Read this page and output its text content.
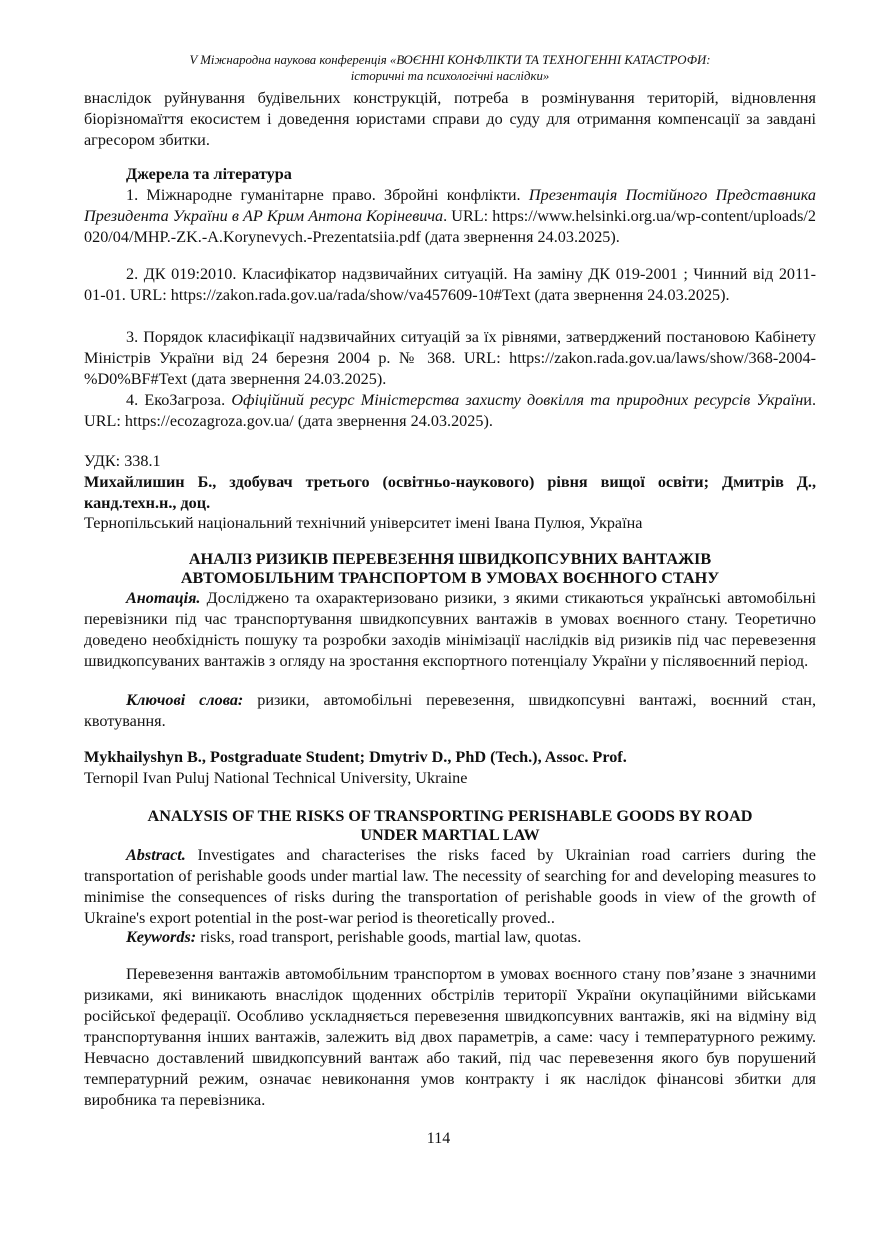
V Міжнародна наукова конференція «ВОЄННІ КОНФЛІКТИ ТА ТЕХНОГЕННІ КАТАСТРОФИ:
історичні та психологічні наслідки»

внаслідок руйнування будівельних конструкцій, потреба в розмінування територій, відновлення біорізномаїття екосистем і доведення юристами справи до суду для отримання компенсації за завдані агресором збитки.

Джерела та література

1. Міжнародне гуманітарне право. Збройні конфлікти. Презентація Постійного Представника Президента України в АР Крим Антона Коріневича. URL: https://www.helsinki.org.ua/wp-content/uploads/2020/04/MHP.-ZK.-A.Korynevych.-Prezentatsiia.pdf (дата звернення 24.03.2025).

2. ДК 019:2010. Класифікатор надзвичайних ситуацій. На заміну ДК 019-2001 ; Чинний від 2011-01-01. URL: https://zakon.rada.gov.ua/rada/show/va457609-10#Text (дата звернення 24.03.2025).

3. Порядок класифікації надзвичайних ситуацій за їх рівнями, затверджений постановою Кабінету Міністрів України від 24 березня 2004 р. № 368. URL: https://zakon.rada.gov.ua/laws/show/368-2004-%D0%BF#Text (дата звернення 24.03.2025).

4. ЕкоЗагроза. Офіційний ресурс Міністерства захисту довкілля та природних ресурсів України. URL: https://ecozagroza.gov.ua/ (дата звернення 24.03.2025).

УДК: 338.1

Михайлишин Б., здобувач третього (освітньо-наукового) рівня вищої освіти; Дмитрів Д., канд.техн.н., доц.

Тернопільський національний технічний університет імені Івана Пулюя, Україна

АНАЛІЗ РИЗИКІВ ПЕРЕВЕЗЕННЯ ШВИДКОПСУВНИХ ВАНТАЖІВ
АВТОМОБІЛЬНИМ ТРАНСПОРТОМ В УМОВАХ ВОЄННОГО СТАНУ

Анотація. Досліджено та охарактеризовано ризики, з якими стикаються українські автомобільні перевізники під час транспортування швидкопсувних вантажів в умовах воєнного стану. Теоретично доведено необхідність пошуку та розробки заходів мінімізації наслідків від ризиків під час перевезення швидкопсуваних вантажів з огляду на зростання експортного потенціалу України у післявоєнний період.

Ключові слова: ризики, автомобільні перевезення, швидкопсувні вантажі, воєнний стан, квотування.

Mykhailyshyn B., Postgraduate Student; Dmytriv D., PhD (Tech.), Assoc. Prof.

Ternopil Ivan Puluj National Technical University, Ukraine

ANALYSIS OF THE RISKS OF TRANSPORTING PERISHABLE GOODS BY ROAD
UNDER MARTIAL LAW

Abstract. Investigates and characterises the risks faced by Ukrainian road carriers during the transportation of perishable goods under martial law. The necessity of searching for and developing measures to minimise the consequences of risks during the transportation of perishable goods in view of the growth of Ukraine's export potential in the post-war period is theoretically proved..

Keywords: risks, road transport, perishable goods, martial law, quotas.

Перевезення вантажів автомобільним транспортом в умовах воєнного стану пов’язане з значними ризиками, які виникають внаслідок щоденних обстрілів території України окупаційними військами російської федерації. Особливо ускладняється перевезення швидкопсувних вантажів, які на відміну від транспортування інших вантажів, залежить від двох параметрів, а саме: часу і температурного режиму. Невчасно доставлений швидкопсувний вантаж або такий, під час перевезення якого був порушений температурний режим, означає невиконання умов контракту і як наслідок фінансові збитки для виробника та перевізника.

114
